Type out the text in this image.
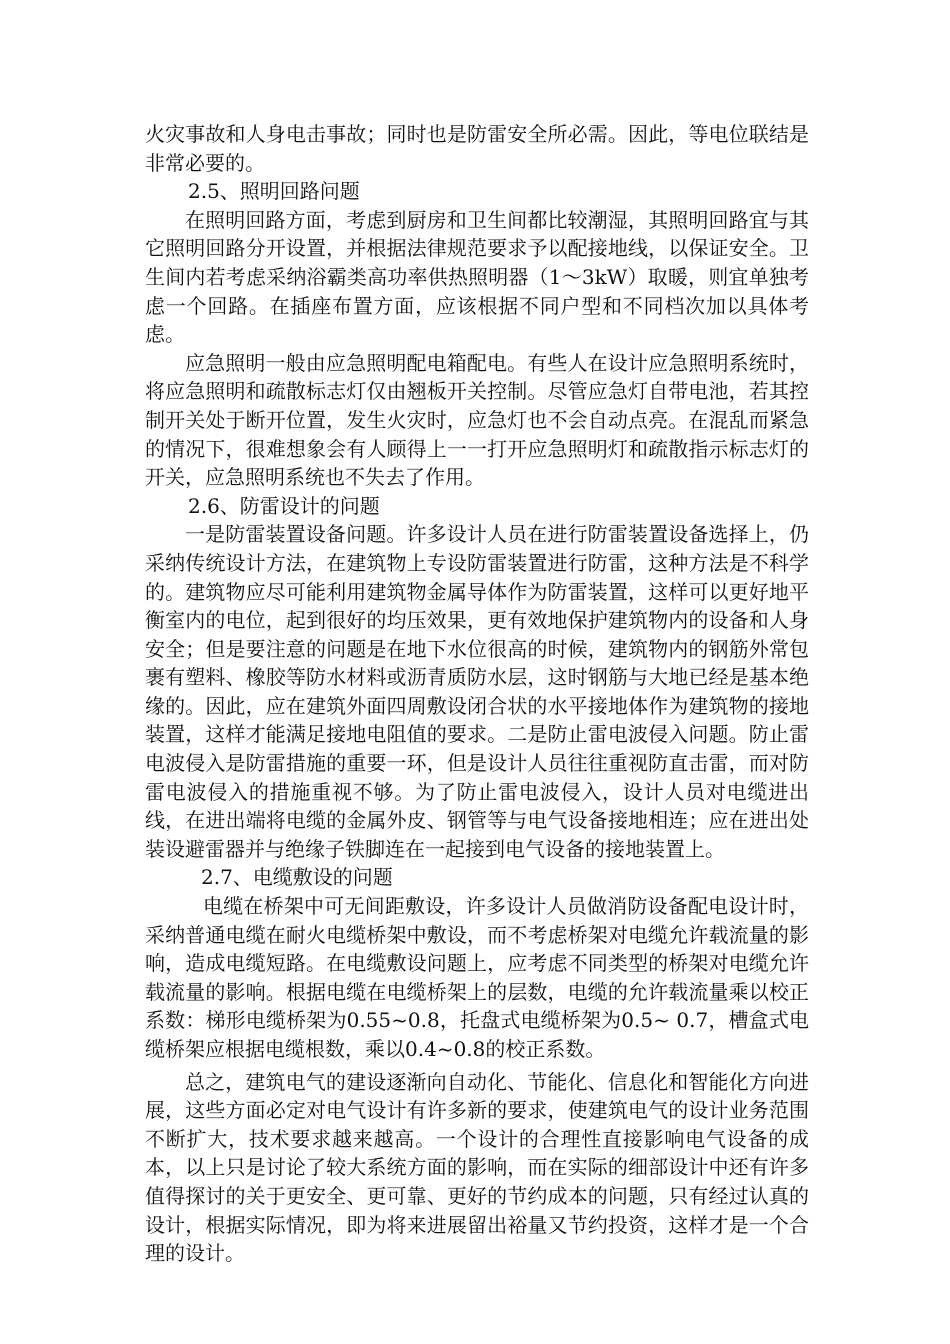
火灾事故和人身电击事故；同时也是防雷安全所必需。因此，等电位联结是非常必要的。

2.5、照明回路问题

在照明回路方面，考虑到厨房和卫生间都比较潮湿，其照明回路宜与其它照明回路分开设置，并根据法律规范要求予以配接地线，以保证安全。卫生间内若考虑采纳浴霸类高功率供热照明器（1～3kW）取暖，则宜单独考虑一个回路。在插座布置方面，应该根据不同户型和不同档次加以具体考虑。

应急照明一般由应急照明配电箱配电。有些人在设计应急照明系统时，将应急照明和疏散标志灯仅由翘板开关控制。尽管应急灯自带电池，若其控制开关处于断开位置，发生火灾时，应急灯也不会自动点亮。在混乱而紧急的情况下，很难想象会有人顾得上一一打开应急照明灯和疏散指示标志灯的开关，应急照明系统也不失去了作用。

2.6、防雷设计的问题

一是防雷装置设备问题。许多设计人员在进行防雷装置设备选择上，仍采纳传统设计方法，在建筑物上专设防雷装置进行防雷，这种方法是不科学的。建筑物应尽可能利用建筑物金属导体作为防雷装置，这样可以更好地平衡室内的电位，起到很好的均压效果，更有效地保护建筑物内的设备和人身安全；但是要注意的问题是在地下水位很高的时候，建筑物内的钢筋外常包裹有塑料、橡胶等防水材料或沥青质防水层，这时钢筋与大地已经是基本绝缘的。因此，应在建筑外面四周敷设闭合状的水平接地体作为建筑物的接地装置，这样才能满足接地电阻值的要求。二是防止雷电波侵入问题。防止雷电波侵入是防雷措施的重要一环，但是设计人员往往重视防直击雷，而对防雷电波侵入的措施重视不够。为了防止雷电波侵入，设计人员对电缆进出线，在进出端将电缆的金属外皮、钢管等与电气设备接地相连；应在进出处装设避雷器并与绝缘子铁脚连在一起接到电气设备的接地装置上。

2.7、电缆敷设的问题

电缆在桥架中可无间距敷设，许多设计人员做消防设备配电设计时，采纳普通电缆在耐火电缆桥架中敷设，而不考虑桥架对电缆允许载流量的影响，造成电缆短路。在电缆敷设问题上，应考虑不同类型的桥架对电缆允许载流量的影响。根据电缆在电缆桥架上的层数，电缆的允许载流量乘以校正系数：梯形电缆桥架为0.55~0.8，托盘式电缆桥架为0.5~ 0.7，槽盒式电缆桥架应根据电缆根数，乘以0.4~0.8的校正系数。

总之，建筑电气的建设逐渐向自动化、节能化、信息化和智能化方向进展，这些方面必定对电气设计有许多新的要求，使建筑电气的设计业务范围不断扩大，技术要求越来越高。一个设计的合理性直接影响电气设备的成本，以上只是讨论了较大系统方面的影响，而在实际的细部设计中还有许多值得探讨的关于更安全、更可靠、更好的节约成本的问题，只有经过认真的设计，根据实际情况，即为将来进展留出裕量又节约投资，这样才是一个合理的设计。
